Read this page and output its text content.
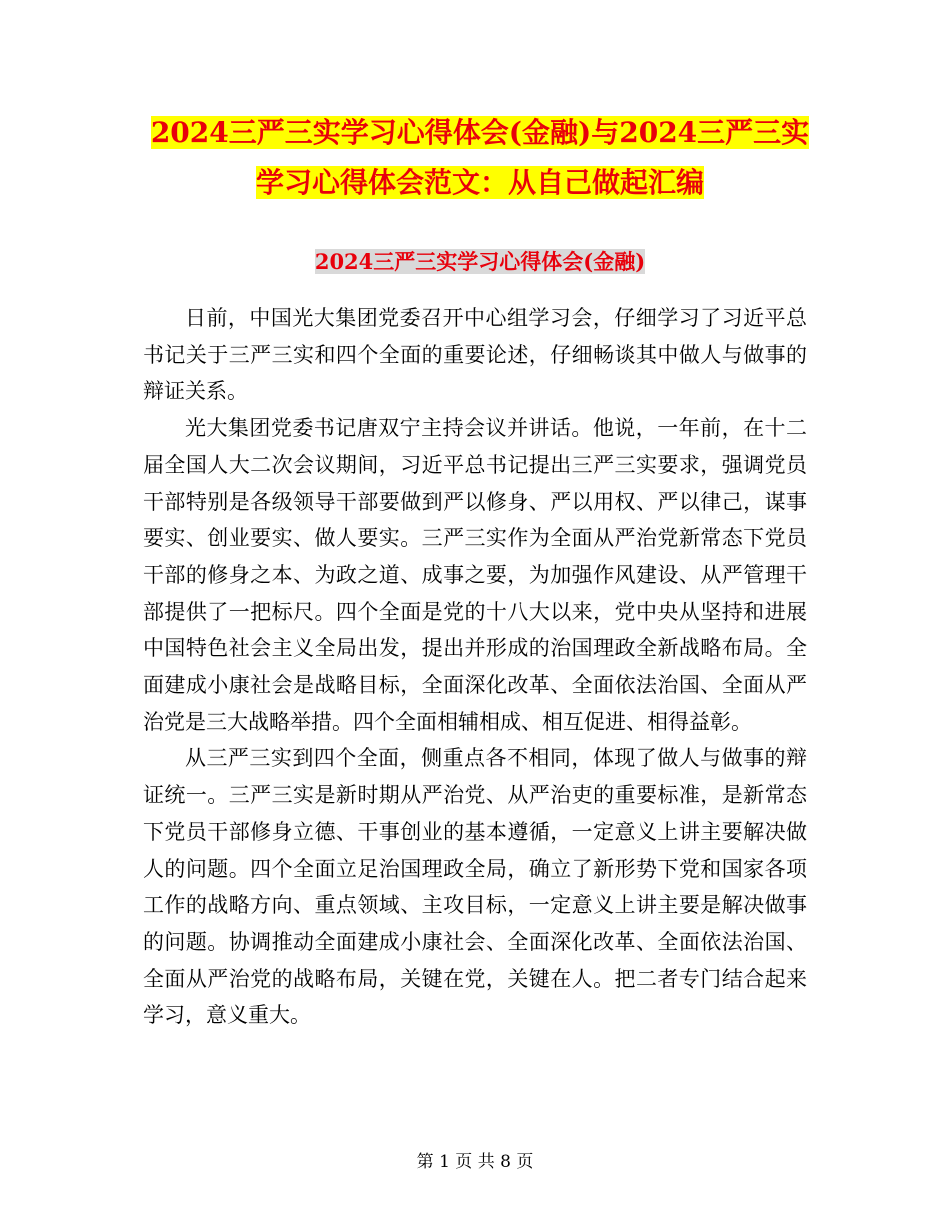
2024三严三实学习心得体会(金融)与2024三严三实学习心得体会范文：从自己做起汇编
2024三严三实学习心得体会(金融)

日前，中国光大集团党委召开中心组学习会，仔细学习了习近平总书记关于三严三实和四个全面的重要论述，仔细畅谈其中做人与做事的辩证关系。

光大集团党委书记唐双宁主持会议并讲话。他说，一年前，在十二届全国人大二次会议期间，习近平总书记提出三严三实要求，强调党员干部特别是各级领导干部要做到严以修身、严以用权、严以律己，谋事要实、创业要实、做人要实。三严三实作为全面从严治党新常态下党员干部的修身之本、为政之道、成事之要，为加强作风建设、从严管理干部提供了一把标尺。四个全面是党的十八大以来，党中央从坚持和进展中国特色社会主义全局出发，提出并形成的治国理政全新战略布局。全面建成小康社会是战略目标，全面深化改革、全面依法治国、全面从严治党是三大战略举措。四个全面相辅相成、相互促进、相得益彰。

从三严三实到四个全面，侧重点各不相同，体现了做人与做事的辩证统一。三严三实是新时期从严治党、从严治吏的重要标准，是新常态下党员干部修身立德、干事创业的基本遵循，一定意义上讲主要解决做人的问题。四个全面立足治国理政全局，确立了新形势下党和国家各项工作的战略方向、重点领域、主攻目标，一定意义上讲主要是解决做事的问题。协调推动全面建成小康社会、全面深化改革、全面依法治国、全面从严治党的战略布局，关键在党，关键在人。把二者专门结合起来学习，意义重大。

第 1 页 共 8 页
